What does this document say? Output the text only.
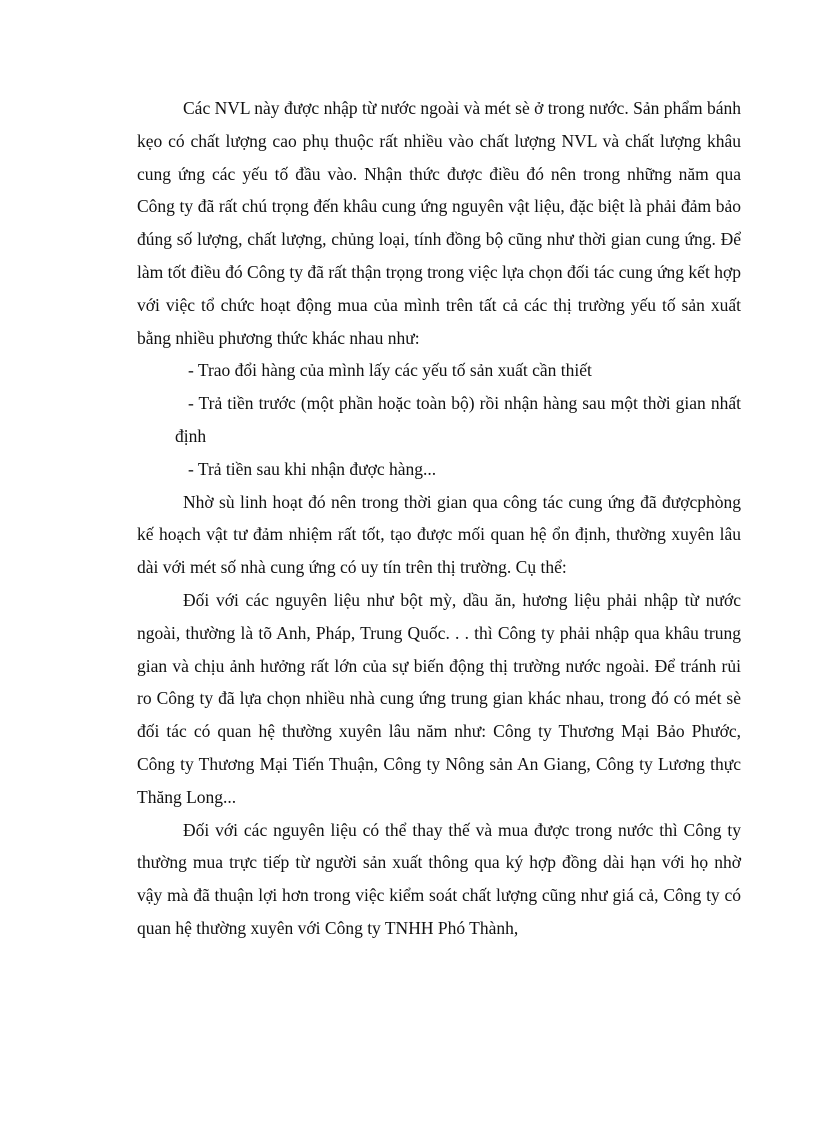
Các NVL này được nhập từ nước ngoài và mét sè ở trong nước. Sản phẩm bánh kẹo có chất lượng cao phụ thuộc rất nhiều vào chất lượng NVL và chất lượng khâu cung ứng các yếu tố đầu vào. Nhận thức được điều đó nên trong những năm qua Công ty đã rất chú trọng đến khâu cung ứng nguyên vật liệu, đặc biệt là phải đảm bảo đúng số lượng, chất lượng, chủng loại, tính đồng bộ cũng như thời gian cung ứng. Để làm tốt điều đó Công ty đã rất thận trọng trong việc lựa chọn đối tác cung ứng kết hợp với việc tổ chức hoạt động mua của mình trên tất cả các thị trường yếu tố sản xuất bằng nhiều phương thức khác nhau như:

- Trao đổi hàng của mình lấy các yếu tố sản xuất cần thiết

- Trả tiền trước (một phần hoặc toàn bộ) rồi nhận hàng sau một thời gian nhất định

- Trả tiền sau khi nhận được hàng...

Nhờ sù linh hoạt đó nên trong thời gian qua công tác cung ứng đã đượcphòng kế hoạch vật tư đảm nhiệm rất tốt, tạo được mối quan hệ ổn định, thường xuyên lâu dài với mét số nhà cung ứng có uy tín trên thị trường. Cụ thể:

Đối với các nguyên liệu như bột mỳ, dầu ăn, hương liệu phải nhập từ nước ngoài, thường là tõ Anh, Pháp, Trung Quốc. . . thì Công ty phải nhập qua khâu trung gian và chịu ảnh hưởng rất lớn của sự biến động thị trường nước ngoài. Để tránh rủi ro Công ty đã lựa chọn nhiều nhà cung ứng trung gian khác nhau, trong đó có mét sè đối tác có quan hệ thường xuyên lâu năm như: Công ty Thương Mại Bảo Phước, Công ty Thương Mại Tiến Thuận, Công ty Nông sản An Giang, Công ty Lương thực Thăng Long...

Đối với các nguyên liệu có thể thay thế và mua được trong nước thì Công ty thường mua trực tiếp từ người sản xuất thông qua ký hợp đồng dài hạn với họ nhờ vậy mà đã thuận lợi hơn trong việc kiểm soát chất lượng cũng như giá cả, Công ty có quan hệ thường xuyên với Công ty TNHH Phó Thành,
